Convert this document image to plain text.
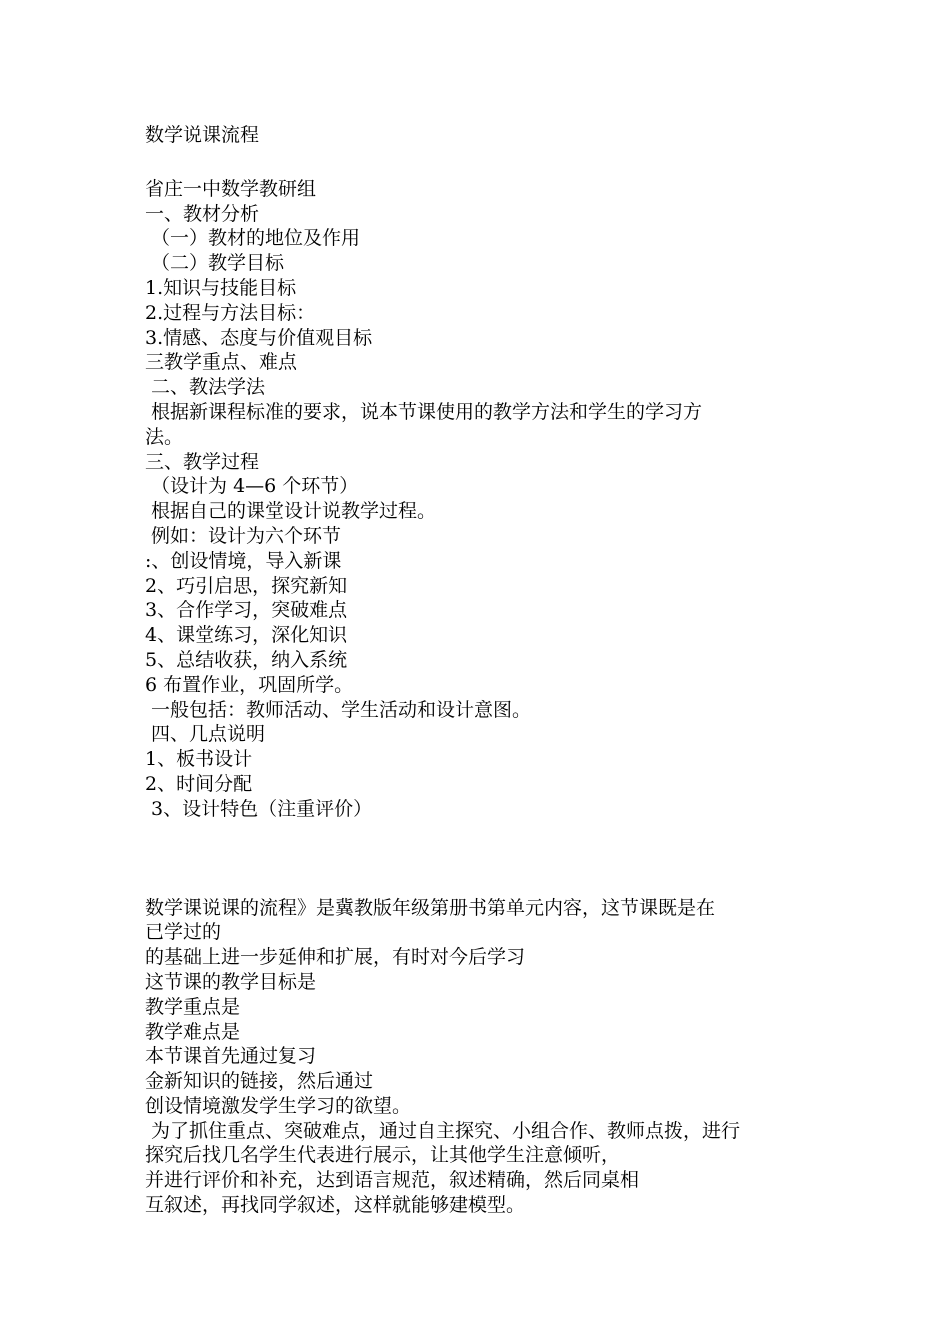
数学说课流程

省庄一中数学教研组

一、教材分析

（一）教材的地位及作用

（二）教学目标

1.知识与技能目标

2.过程与方法目标：

3.情感、态度与价值观目标

三教学重点、难点

二、教法学法

根据新课程标准的要求，说本节课使用的教学方法和学生的学习方

法。

三、教学过程

（设计为 4—6 个环节）

根据自己的课堂设计说教学过程。

例如：设计为六个环节

:、创设情境，导入新课

2、巧引启思，探究新知

3、合作学习，突破难点

4、课堂练习，深化知识

5、总结收获，纳入系统

6 布置作业，巩固所学。

一般包括：教师活动、学生活动和设计意图。

四、几点说明

1、板书设计

2、时间分配

3、设计特色（注重评价）

数学课说课的流程》是冀教版年级第册书第单元内容，这节课既是在

已学过的

的基础上进一步延伸和扩展，有时对今后学习

这节课的教学目标是

教学重点是

教学难点是

本节课首先通过复习

金新知识的链接，然后通过

创设情境激发学生学习的欲望。

为了抓住重点、突破难点，通过自主探究、小组合作、教师点拨，进行

探究后找几名学生代表进行展示，让其他学生注意倾听，

并进行评价和补充，达到语言规范，叙述精确，然后同桌相

互叙述，再找同学叙述，这样就能够建模型。
